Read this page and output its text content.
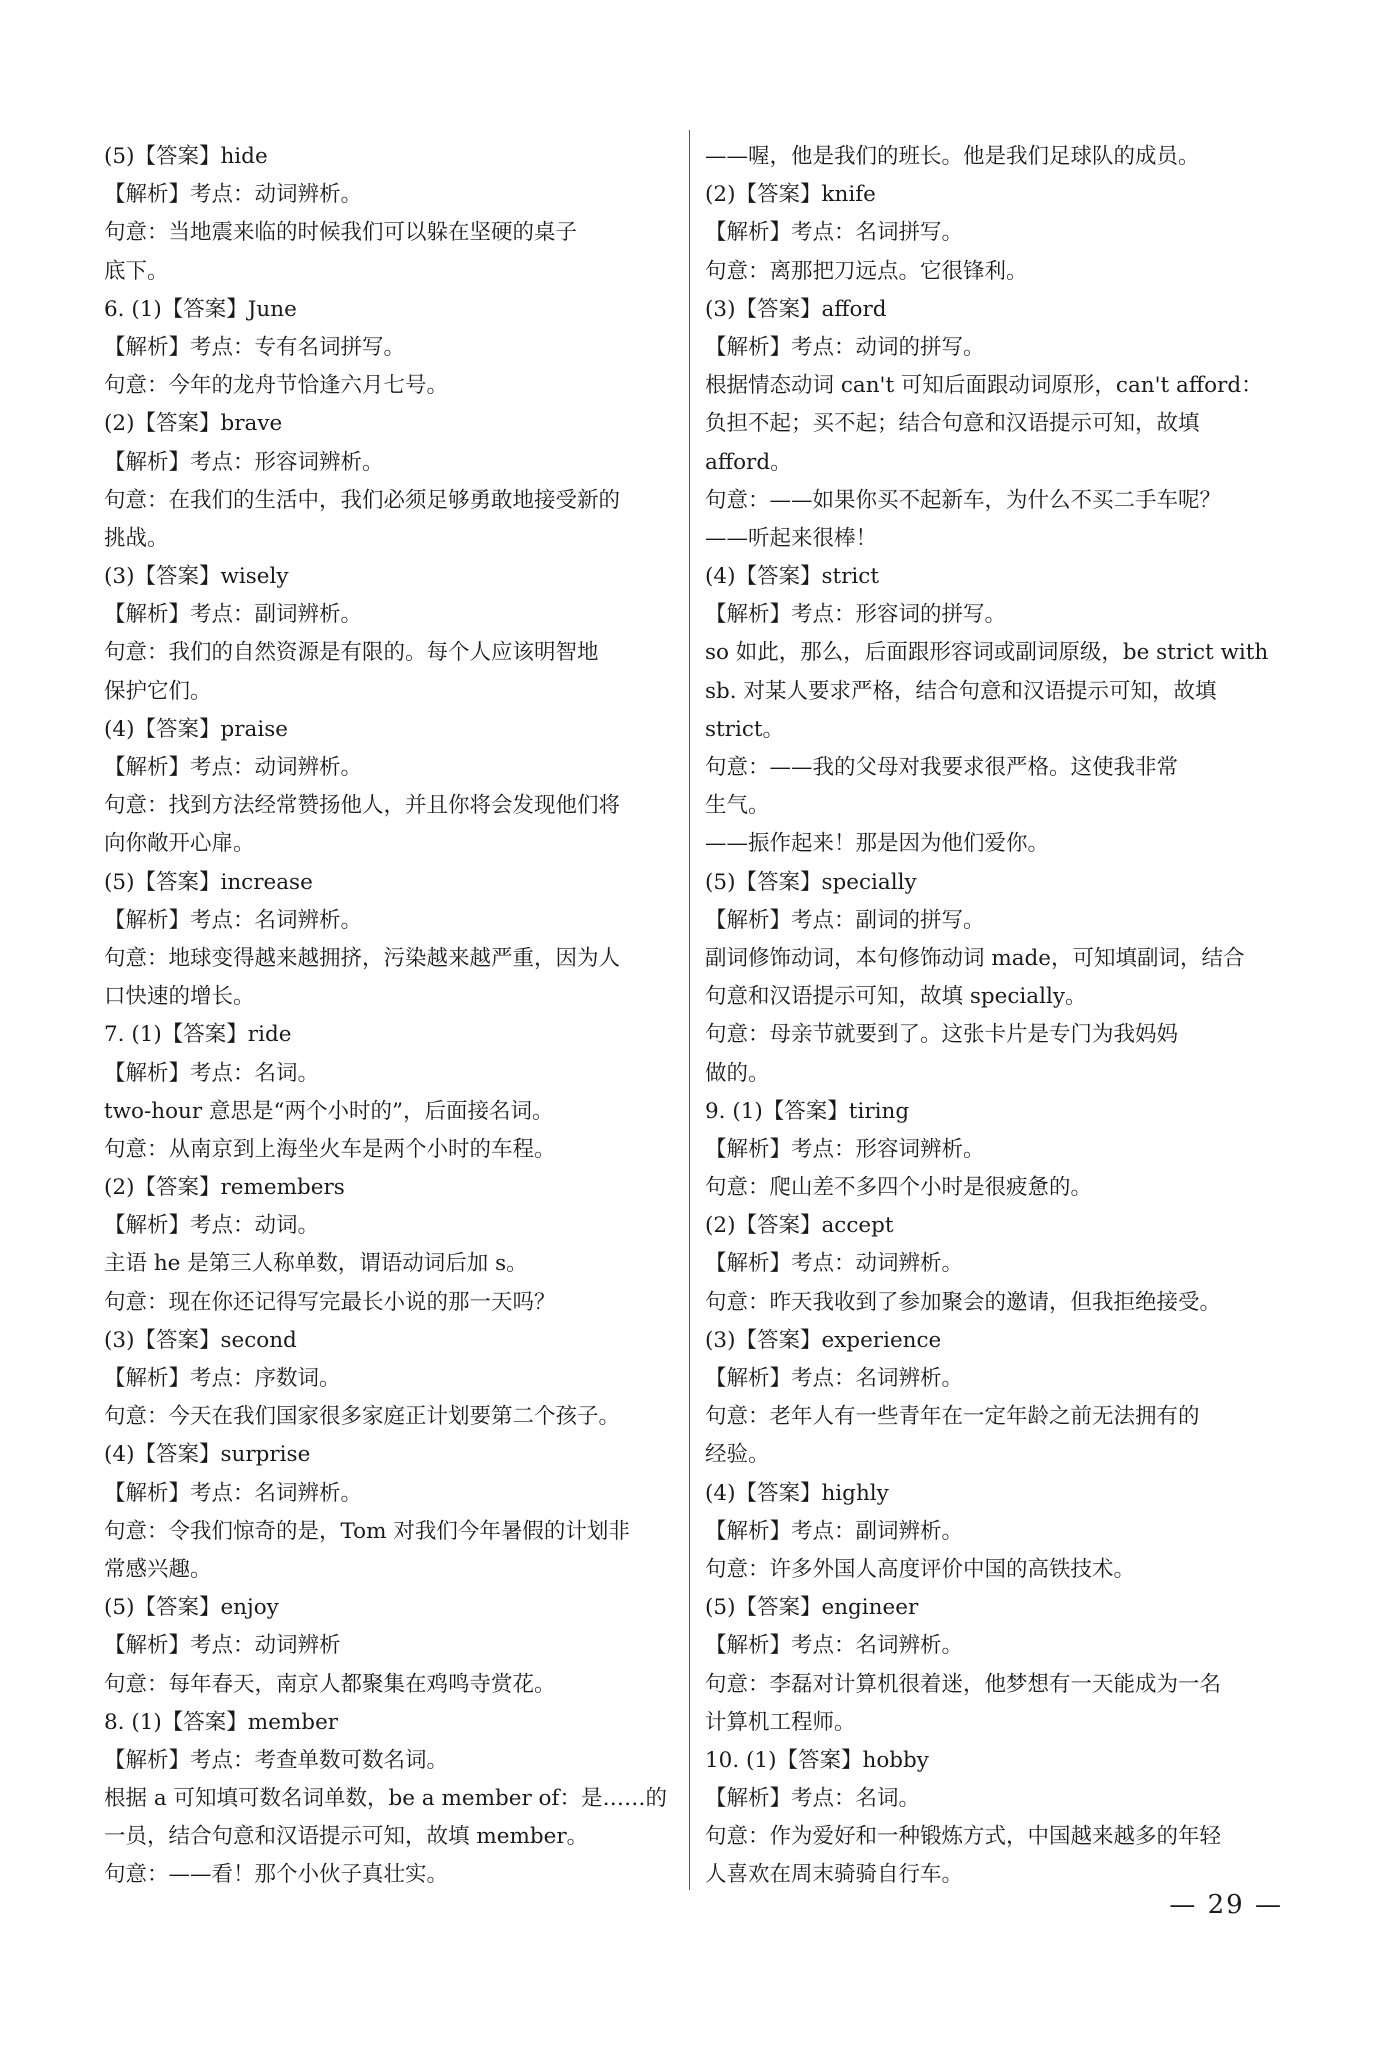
(5)【答案】hide
【解析】考点：动词辨析。
句意：当地震来临的时候我们可以躲在坚硬的桌子
底下。
6. (1)【答案】June
【解析】考点：专有名词拼写。
句意：今年的龙舟节恰逢六月七号。
(2)【答案】brave
【解析】考点：形容词辨析。
句意：在我们的生活中，我们必须足够勇敢地接受新的
挑战。
(3)【答案】wisely
【解析】考点：副词辨析。
句意：我们的自然资源是有限的。每个人应该明智地
保护它们。
(4)【答案】praise
【解析】考点：动词辨析。
句意：找到方法经常赞扬他人，并且你将会发现他们将
向你敞开心扉。
(5)【答案】increase
【解析】考点：名词辨析。
句意：地球变得越来越拥挤，污染越来越严重，因为人
口快速的增长。
7. (1)【答案】ride
【解析】考点：名词。
two-hour 意思是“两个小时的”，后面接名词。
句意：从南京到上海坐火车是两个小时的车程。
(2)【答案】remembers
【解析】考点：动词。
主语 he 是第三人称单数，谓语动词后加 s。
句意：现在你还记得写完最长小说的那一天吗？
(3)【答案】second
【解析】考点：序数词。
句意：今天在我们国家很多家庭正计划要第二个孩子。
(4)【答案】surprise
【解析】考点：名词辨析。
句意：令我们惊奇的是，Tom 对我们今年暑假的计划非
常感兴趣。
(5)【答案】enjoy
【解析】考点：动词辨析
句意：每年春天，南京人都聚集在鸡鸣寺赏花。
8. (1)【答案】member
【解析】考点：考查单数可数名词。
根据 a 可知填可数名词单数，be a member of：是……的
一员，结合句意和汉语提示可知，故填 member。
句意：——看！那个小伙子真壮实。
——喔，他是我们的班长。他是我们足球队的成员。
(2)【答案】knife
【解析】考点：名词拼写。
句意：离那把刀远点。它很锋利。
(3)【答案】afford
【解析】考点：动词的拼写。
根据情态动词 can't 可知后面跟动词原形，can't afford：
负担不起；买不起；结合句意和汉语提示可知，故填
afford。
句意：——如果你买不起新车，为什么不买二手车呢？
——听起来很棒！
(4)【答案】strict
【解析】考点：形容词的拼写。
so 如此，那么，后面跟形容词或副词原级，be strict with
sb. 对某人要求严格，结合句意和汉语提示可知，故填
strict。
句意：——我的父母对我要求很严格。这使我非常
生气。
——振作起来！那是因为他们爱你。
(5)【答案】specially
【解析】考点：副词的拼写。
副词修饰动词，本句修饰动词 made，可知填副词，结合
句意和汉语提示可知，故填 specially。
句意：母亲节就要到了。这张卡片是专门为我妈妈
做的。
9. (1)【答案】tiring
【解析】考点：形容词辨析。
句意：爬山差不多四个小时是很疲惫的。
(2)【答案】accept
【解析】考点：动词辨析。
句意：昨天我收到了参加聚会的邀请，但我拒绝接受。
(3)【答案】experience
【解析】考点：名词辨析。
句意：老年人有一些青年在一定年龄之前无法拥有的
经验。
(4)【答案】highly
【解析】考点：副词辨析。
句意：许多外国人高度评价中国的高铁技术。
(5)【答案】engineer
【解析】考点：名词辨析。
句意：李磊对计算机很着迷，他梦想有一天能成为一名
计算机工程师。
10. (1)【答案】hobby
【解析】考点：名词。
句意：作为爱好和一种锻炼方式，中国越来越多的年轻
人喜欢在周末骑骑自行车。
— 29 —
